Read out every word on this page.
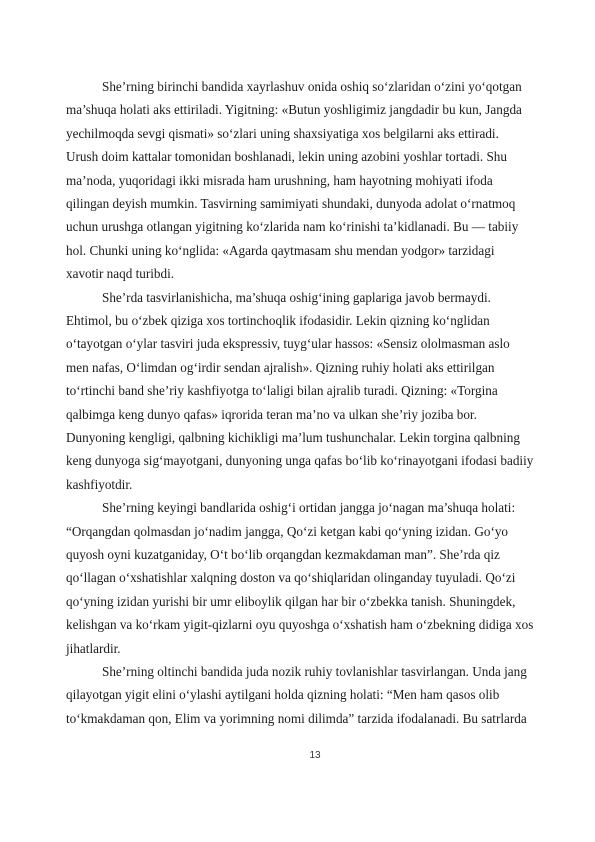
She’rning birinchi bandida xayrlashuv onida oshiq so‘zlaridan o‘zini yo‘qotgan
ma’shuqa holati aks ettiriladi. Yigitning: «Butun yoshligimiz jangdadir bu kun, Jangda
yechilmoqda sevgi qismati» so‘zlari uning shaxsiyatiga xos belgilarni aks ettiradi.
Urush doim kattalar tomonidan boshlanadi, lekin uning azobini yoshlar tortadi. Shu
ma’noda, yuqoridagi ikki misrada ham urushning, ham hayotning mohiyati ifoda
qilingan deyish mumkin. Tasvirning samimiyati shundaki, dunyoda adolat o‘rnatmoq
uchun urushga otlangan yigitning ko‘zlarida nam ko‘rinishi ta’kidlanadi. Bu — tabiiy
hol. Chunki uning ko‘nglida: «Agarda qaytmasam shu mendan yodgor» tarzidagi
xavotir naqd turibdi.
She’rda tasvirlanishicha, ma’shuqa oshig‘ining gaplariga javob bermaydi.
Ehtimol, bu o‘zbek qiziga xos tortinchoqlik ifodasidir. Lekin qizning ko‘nglidan
o‘tayotgan o‘ylar tasviri juda ekspressiv, tuyg‘ular hassos: «Sensiz ololmasman aslo
men nafas, O‘limdan og‘irdir sendan ajralish». Qizning ruhiy holati aks ettirilgan
to‘rtinchi band she’riy kashfiyotga to‘laligi bilan ajralib turadi. Qizning: «Torgina
qalbimga keng dunyo qafas» iqrorida teran ma’no va ulkan she’riy joziba bor.
Dunyoning kengligi, qalbning kichikligi ma’lum tushunchalar. Lekin torgina qalbning
keng dunyoga sig‘mayotgani, dunyoning unga qafas bo‘lib ko‘rinayotgani ifodasi badiiy
kashfiyotdir.
She’rning keyingi bandlarida oshig‘i ortidan jangga jo‘nagan ma’shuqa holati:
“Orqangdan qolmasdan jo‘nadim jangga, Qo‘zi ketgan kabi qo‘yning izidan. Go‘yo
quyosh oyni kuzatganiday, O‘t bo‘lib orqangdan kezmakdaman man”. She’rda qiz
qo‘llagan o‘xshatishlar xalqning doston va qo‘shiqlaridan olinganday tuyuladi. Qo‘zi
qo‘yning izidan yurishi bir umr eliboylik qilgan har bir o‘zbekka tanish. Shuningdek,
kelishgan va ko‘rkam yigit-qizlarni oyu quyoshga o‘xshatish ham o‘zbekning didiga xos
jihatlardir.
She’rning oltinchi bandida juda nozik ruhiy tovlanishlar tasvirlangan. Unda jang
qilayotgan yigit elini o‘ylashi aytilgani holda qizning holati: “Men ham qasos olib
to‘kmakdaman qon, Elim va yorimning nomi dilimda” tarzida ifodalanadi. Bu satrlarda
13
